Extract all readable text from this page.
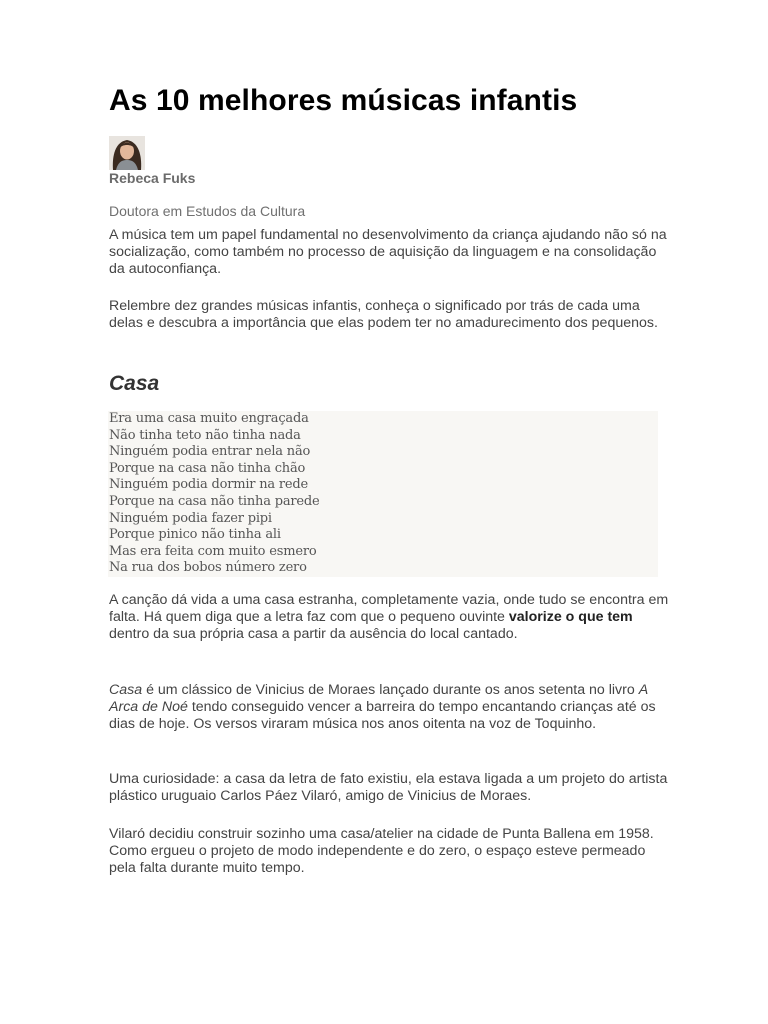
As 10 melhores músicas infantis
Rebeca Fuks
Doutora em Estudos da Cultura

A música tem um papel fundamental no desenvolvimento da criança ajudando não só na socialização, como também no processo de aquisição da linguagem e na consolidação da autoconfiança.

Relembre dez grandes músicas infantis, conheça o significado por trás de cada uma delas e descubra a importância que elas podem ter no amadurecimento dos pequenos.

Casa
Era uma casa muito engraçada
Não tinha teto não tinha nada
Ninguém podia entrar nela não
Porque na casa não tinha chão
Ninguém podia dormir na rede
Porque na casa não tinha parede
Ninguém podia fazer pipi
Porque pinico não tinha ali
Mas era feita com muito esmero
Na rua dos bobos número zero

A canção dá vida a uma casa estranha, completamente vazia, onde tudo se encontra em falta. Há quem diga que a letra faz com que o pequeno ouvinte valorize o que tem dentro da sua própria casa a partir da ausência do local cantado.

Casa é um clássico de Vinicius de Moraes lançado durante os anos setenta no livro A Arca de Noé tendo conseguido vencer a barreira do tempo encantando crianças até os dias de hoje. Os versos viraram música nos anos oitenta na voz de Toquinho.

Uma curiosidade: a casa da letra de fato existiu, ela estava ligada a um projeto do artista plástico uruguaio Carlos Páez Vilaró, amigo de Vinicius de Moraes.

Vilaró decidiu construir sozinho uma casa/atelier na cidade de Punta Ballena em 1958. Como ergueu o projeto de modo independente e do zero, o espaço esteve permeado pela falta durante muito tempo.
